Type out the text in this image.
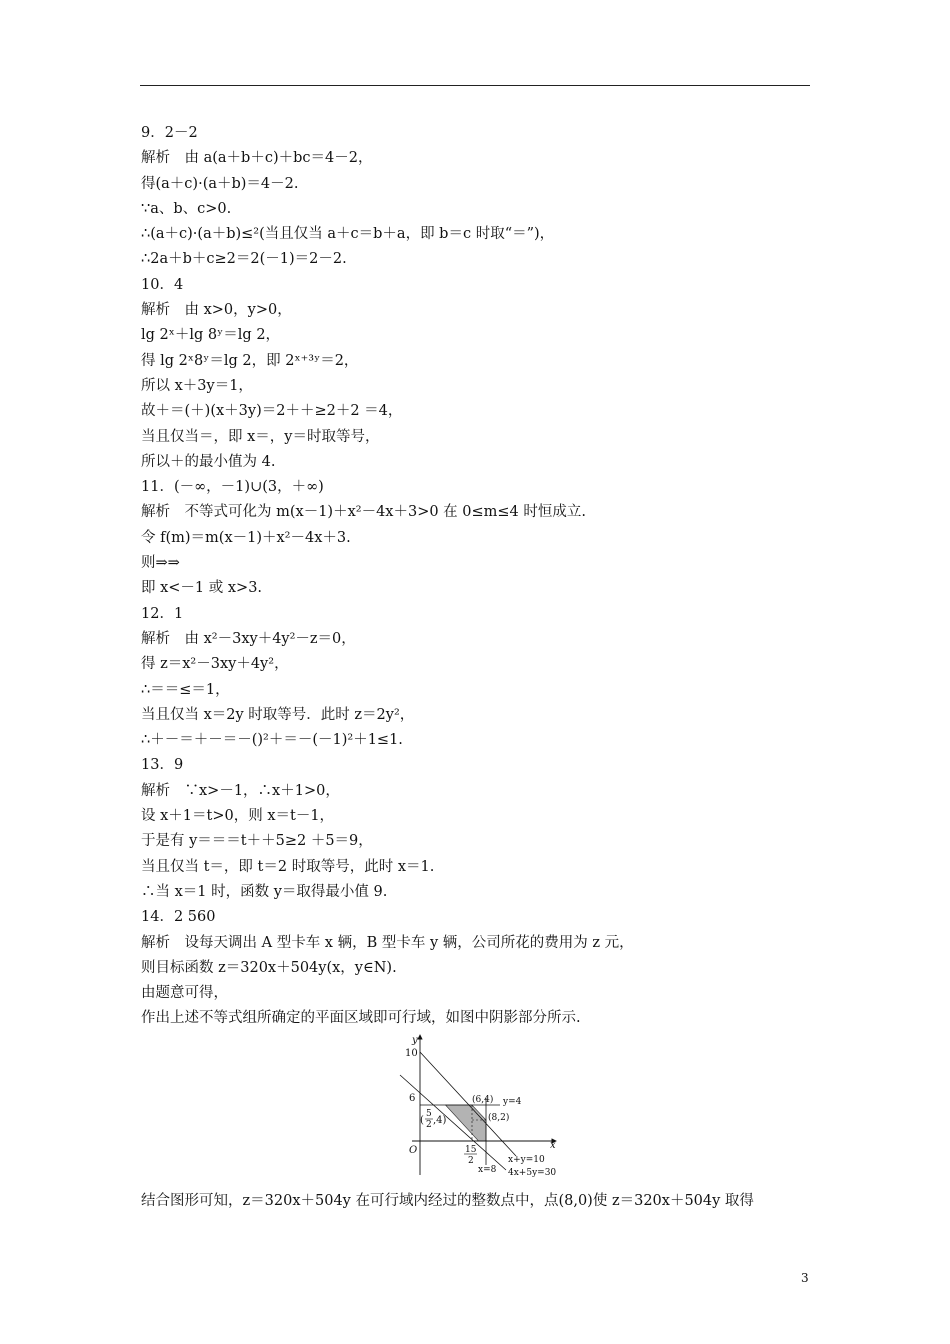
9．2－2
解析　由 a(a＋b＋c)＋bc＝4－2，
得(a＋c)·(a＋b)＝4－2.
∵a、b、c>0.
∴(a＋c)·(a＋b)≤²(当且仅当 a＋c＝b＋a，即 b＝c 时取“＝”)，
∴2a＋b＋c≥2＝2(－1)＝2－2.
10．4
解析　由 x>0，y>0，
lg 2ˣ＋lg 8ʸ＝lg 2，
得 lg 2ˣ8ʸ＝lg 2，即 2ˣ⁺³ʸ＝2，
所以 x＋3y＝1，
故＋＝(＋)(x＋3y)＝2＋＋≥2＋2 ＝4，
当且仅当＝，即 x＝，y＝时取等号，
所以＋的最小值为 4.
11．(－∞，－1)∪(3，＋∞)
解析　不等式可化为 m(x－1)＋x²－4x＋3>0 在 0≤m≤4 时恒成立.
令 f(m)＝m(x－1)＋x²－4x＋3.
则⇒⇒
即 x<－1 或 x>3.
12．1
解析　由 x²－3xy＋4y²－z＝0，
得 z＝x²－3xy＋4y²，
∴＝＝≤＝1，
当且仅当 x＝2y 时取等号．此时 z＝2y²，
∴＋－＝＋－＝－()²＋＝－(－1)²＋1≤1.
13．9
解析　∵x>－1，∴x＋1>0，
设 x＋1＝t>0，则 x＝t－1，
于是有 y＝＝＝t＋＋5≥2 ＋5＝9，
当且仅当 t＝，即 t＝2 时取等号，此时 x＝1.
∴当 x＝1 时，函数 y＝取得最小值 9.
14．2 560
解析　设每天调出 A 型卡车 x 辆，B 型卡车 y 辆，公司所花的费用为 z 元，
则目标函数 z＝320x＋504y(x，y∈N).
由题意可得，
作出上述不等式组所确定的平面区域即可行域，如图中阴影部分所示.
y
x
O
10
6
15
2
(6,4)
(8,2)
(
5
2 ,4)
y=4
x=8
x+y=10
4x+5y=30
结合图形可知，z＝320x＋504y 在可行域内经过的整数点中，点(8,0)使 z＝320x＋504y 取得
3
